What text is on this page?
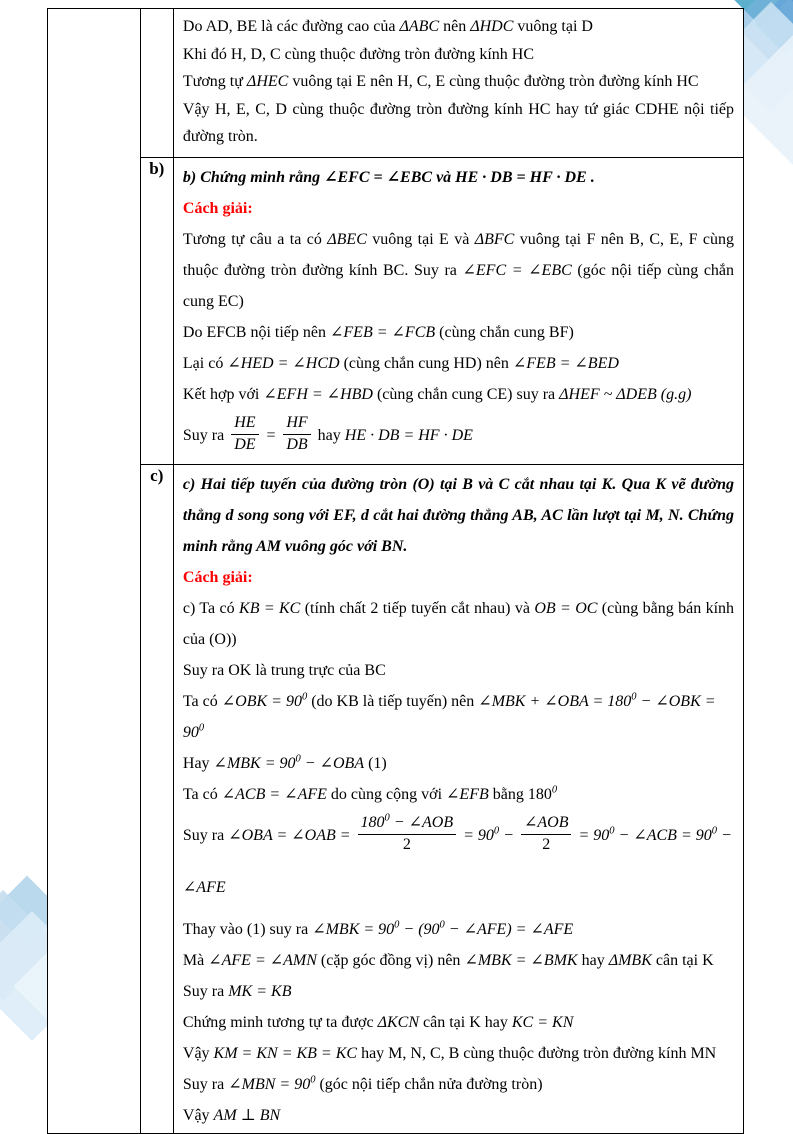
		Do AD, BE là các đường cao của ΔABC nên ΔHDC vuông tại D
Khi đó H, D, C cùng thuộc đường tròn đường kính HC
Tương tự ΔHEC vuông tại E nên H, C, E cùng thuộc đường tròn đường kính HC
Vậy H, E, C, D cùng thuộc đường tròn đường kính HC hay tứ giác CDHE nội tiếp đường tròn.

b)	b) Chứng minh rằng ∠EFC = ∠EBC và HE · DB = HF · DE .
Cách giải:
Tương tự câu a ta có ΔBEC vuông tại E và ΔBFC vuông tại F nên B, C, E, F cùng thuộc đường tròn đường kính BC. Suy ra ∠EFC = ∠EBC (góc nội tiếp cùng chắn cung EC)
Do EFCB nội tiếp nên ∠FEB = ∠FCB (cùng chắn cung BF)
Lại có ∠HED = ∠HCD (cùng chắn cung HD) nên ∠FEB = ∠BED
Kết hợp với ∠EFH = ∠HBD (cùng chắn cung CE) suy ra ΔHEF ~ ΔDEB (g.g)
Suy ra $\frac{HE}{DE} = \frac{HF}{DB}$ hay HE · DB = HF · DE

c)	c) Hai tiếp tuyến của đường tròn (O) tại B và C cắt nhau tại K. Qua K vẽ đường thẳng d song song với EF, d cắt hai đường thẳng AB, AC lần lượt tại M, N. Chứng minh rằng AM vuông góc với BN.
Cách giải:
c) Ta có KB = KC (tính chất 2 tiếp tuyến cắt nhau) và OB = OC (cùng bằng bán kính của (O))
Suy ra OK là trung trực của BC
Ta có ∠OBK = $90^0$ (do KB là tiếp tuyến) nên ∠MBK + ∠OBA = $180^0$ − ∠OBK = $90^0$
Hay ∠MBK = $90^0$ − ∠OBA (1)
Ta có ∠ACB = ∠AFE do cùng cộng với ∠EFB bằng $180^0$
Suy ra ∠OBA = ∠OAB = $\frac{180^0 - \angle AOB}{2} = 90^0 - \frac{\text{∠AOB}}{2} = 90^0$ − ∠ACB = $90^0$ − ∠AFE
Thay vào (1) suy ra ∠MBK = $90^0 - (90^0$ − ∠AFE) = ∠AFE
Mà ∠AFE = ∠AMN (cặp góc đồng vị) nên ∠MBK = ∠BMK hay ΔMBK cân tại K
Suy ra MK = KB
Chứng minh tương tự ta được ΔKCN cân tại K hay KC = KN
Vậy KM = KN = KB = KC hay M, N, C, B cùng thuộc đường tròn đường kính MN
Suy ra ∠MBN = $90^0$ (góc nội tiếp chắn nửa đường tròn)
Vậy AM ⊥ BN
